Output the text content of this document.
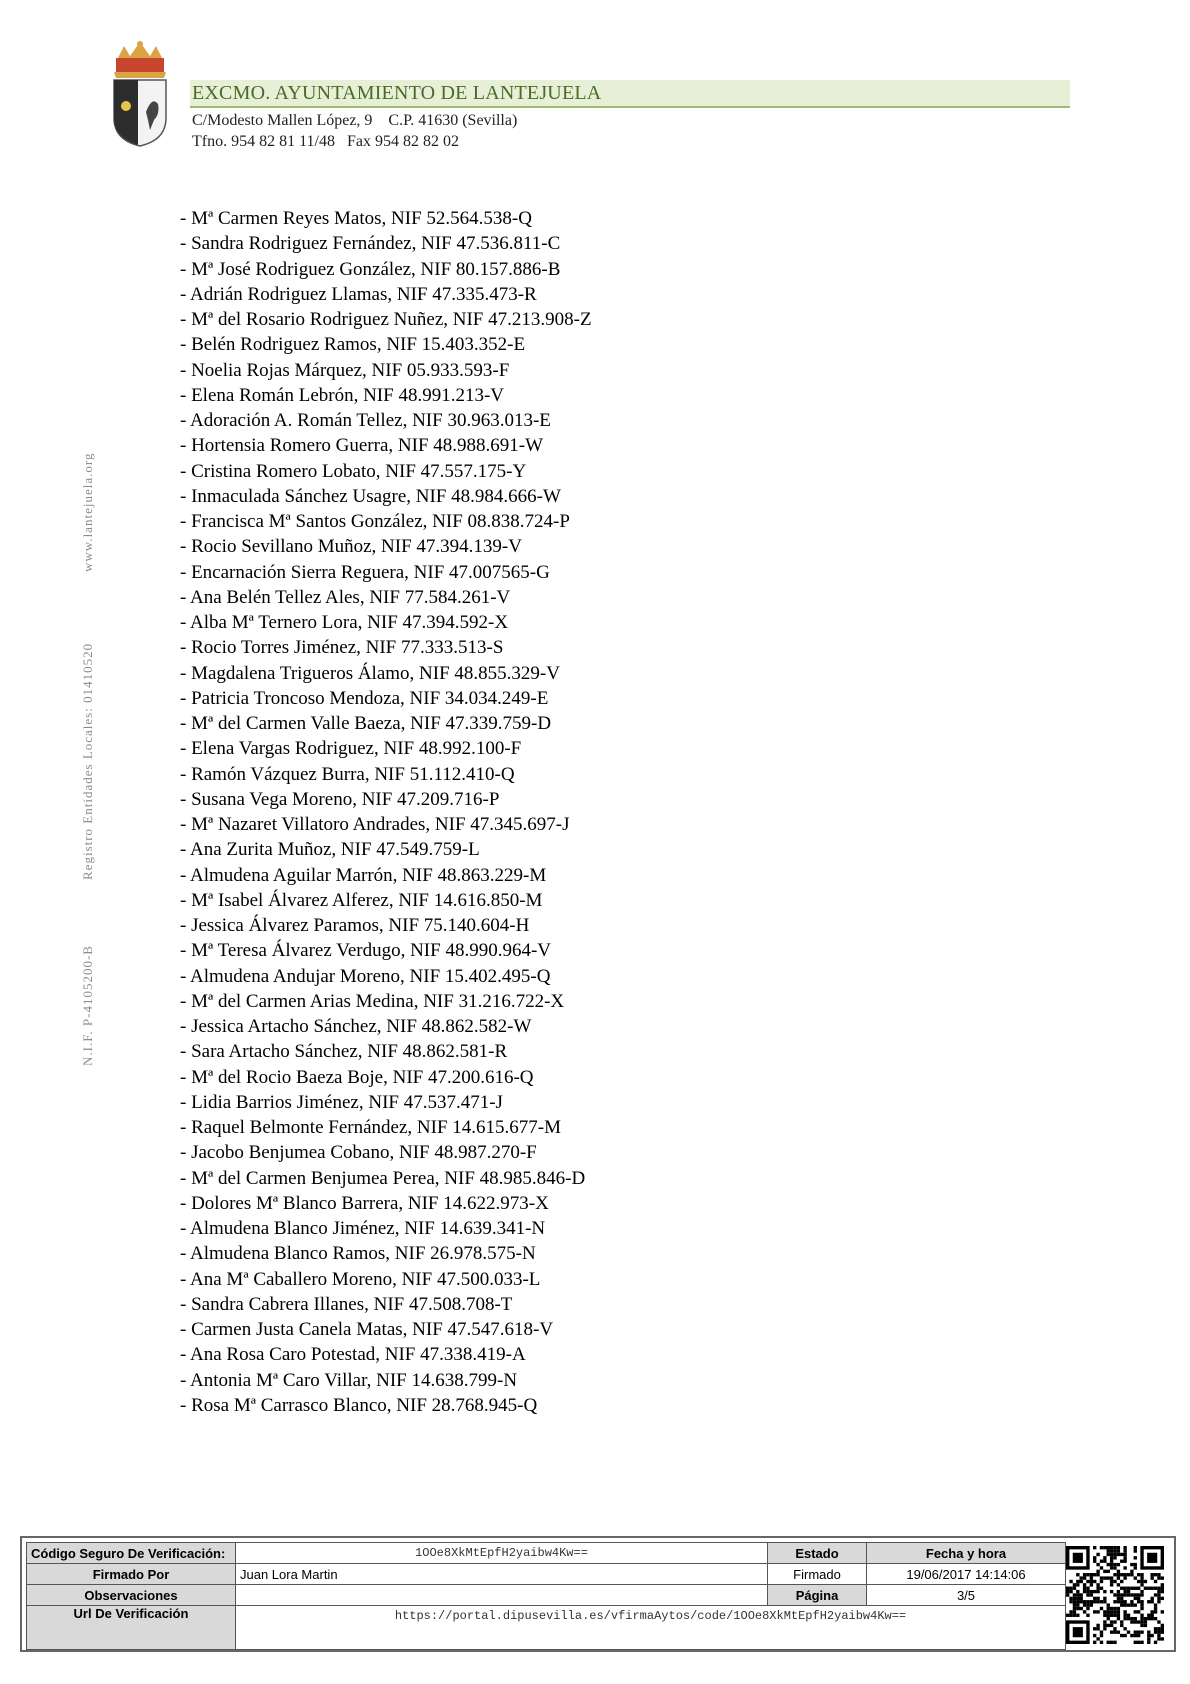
EXCMO. AYUNTAMIENTO DE LANTEJUELA
C/Modesto Mallen López, 9    C.P. 41630 (Sevilla)
Tfno. 954 82 81 11/48   Fax 954 82 82 02
www.lantejuela.org
Registro Entidades Locales: 01410520
N.I.F. P-4105200-B
- Mª Carmen Reyes Matos, NIF 52.564.538-Q
- Sandra Rodriguez Fernández, NIF 47.536.811-C
- Mª José Rodriguez González, NIF 80.157.886-B
- Adrián Rodriguez Llamas, NIF 47.335.473-R
- Mª del Rosario Rodriguez Nuñez, NIF 47.213.908-Z
- Belén Rodriguez Ramos, NIF 15.403.352-E
- Noelia Rojas Márquez, NIF 05.933.593-F
- Elena Román Lebrón, NIF 48.991.213-V
- Adoración A. Román Tellez, NIF 30.963.013-E
- Hortensia Romero Guerra, NIF 48.988.691-W
- Cristina Romero Lobato, NIF 47.557.175-Y
- Inmaculada Sánchez Usagre, NIF 48.984.666-W
- Francisca Mª Santos González, NIF 08.838.724-P
- Rocio Sevillano Muñoz, NIF 47.394.139-V
- Encarnación Sierra Reguera, NIF 47.007565-G
- Ana Belén Tellez Ales, NIF 77.584.261-V
- Alba Mª Ternero Lora, NIF 47.394.592-X
- Rocio Torres Jiménez, NIF 77.333.513-S
- Magdalena Trigueros Álamo, NIF 48.855.329-V
- Patricia Troncoso Mendoza, NIF 34.034.249-E
- Mª del Carmen Valle Baeza, NIF 47.339.759-D
- Elena Vargas Rodriguez, NIF 48.992.100-F
- Ramón Vázquez Burra, NIF 51.112.410-Q
- Susana Vega Moreno, NIF 47.209.716-P
- Mª Nazaret Villatoro Andrades, NIF 47.345.697-J
- Ana Zurita Muñoz, NIF 47.549.759-L
- Almudena Aguilar Marrón, NIF 48.863.229-M
- Mª Isabel Álvarez Alferez, NIF 14.616.850-M
- Jessica Álvarez Paramos, NIF 75.140.604-H
- Mª Teresa Álvarez Verdugo, NIF 48.990.964-V
- Almudena Andujar Moreno, NIF 15.402.495-Q
- Mª del Carmen Arias Medina, NIF 31.216.722-X
- Jessica Artacho Sánchez, NIF 48.862.582-W
- Sara Artacho Sánchez, NIF 48.862.581-R
- Mª del Rocio Baeza Boje, NIF 47.200.616-Q
- Lidia Barrios Jiménez, NIF 47.537.471-J
- Raquel Belmonte Fernández, NIF 14.615.677-M
- Jacobo Benjumea Cobano, NIF 48.987.270-F
- Mª del Carmen Benjumea Perea, NIF 48.985.846-D
- Dolores Mª Blanco Barrera, NIF 14.622.973-X
- Almudena Blanco Jiménez, NIF 14.639.341-N
- Almudena Blanco Ramos, NIF 26.978.575-N
- Ana Mª Caballero Moreno, NIF 47.500.033-L
- Sandra Cabrera Illanes, NIF 47.508.708-T
- Carmen Justa Canela Matas, NIF 47.547.618-V
- Ana Rosa Caro Potestad, NIF 47.338.419-A
- Antonia Mª Caro Villar, NIF 14.638.799-N
- Rosa Mª Carrasco Blanco, NIF 28.768.945-Q
Código Seguro De Verificación:	1OOe8XkMtEpfH2yaibw4Kw==	Estado	Fecha y hora
Firmado Por	Juan Lora Martin	Firmado	19/06/2017 14:14:06
Observaciones		Página	3/5
Url De Verificación	https://portal.dipusevilla.es/vfirmaAytos/code/1OOe8XkMtEpfH2yaibw4Kw==		
